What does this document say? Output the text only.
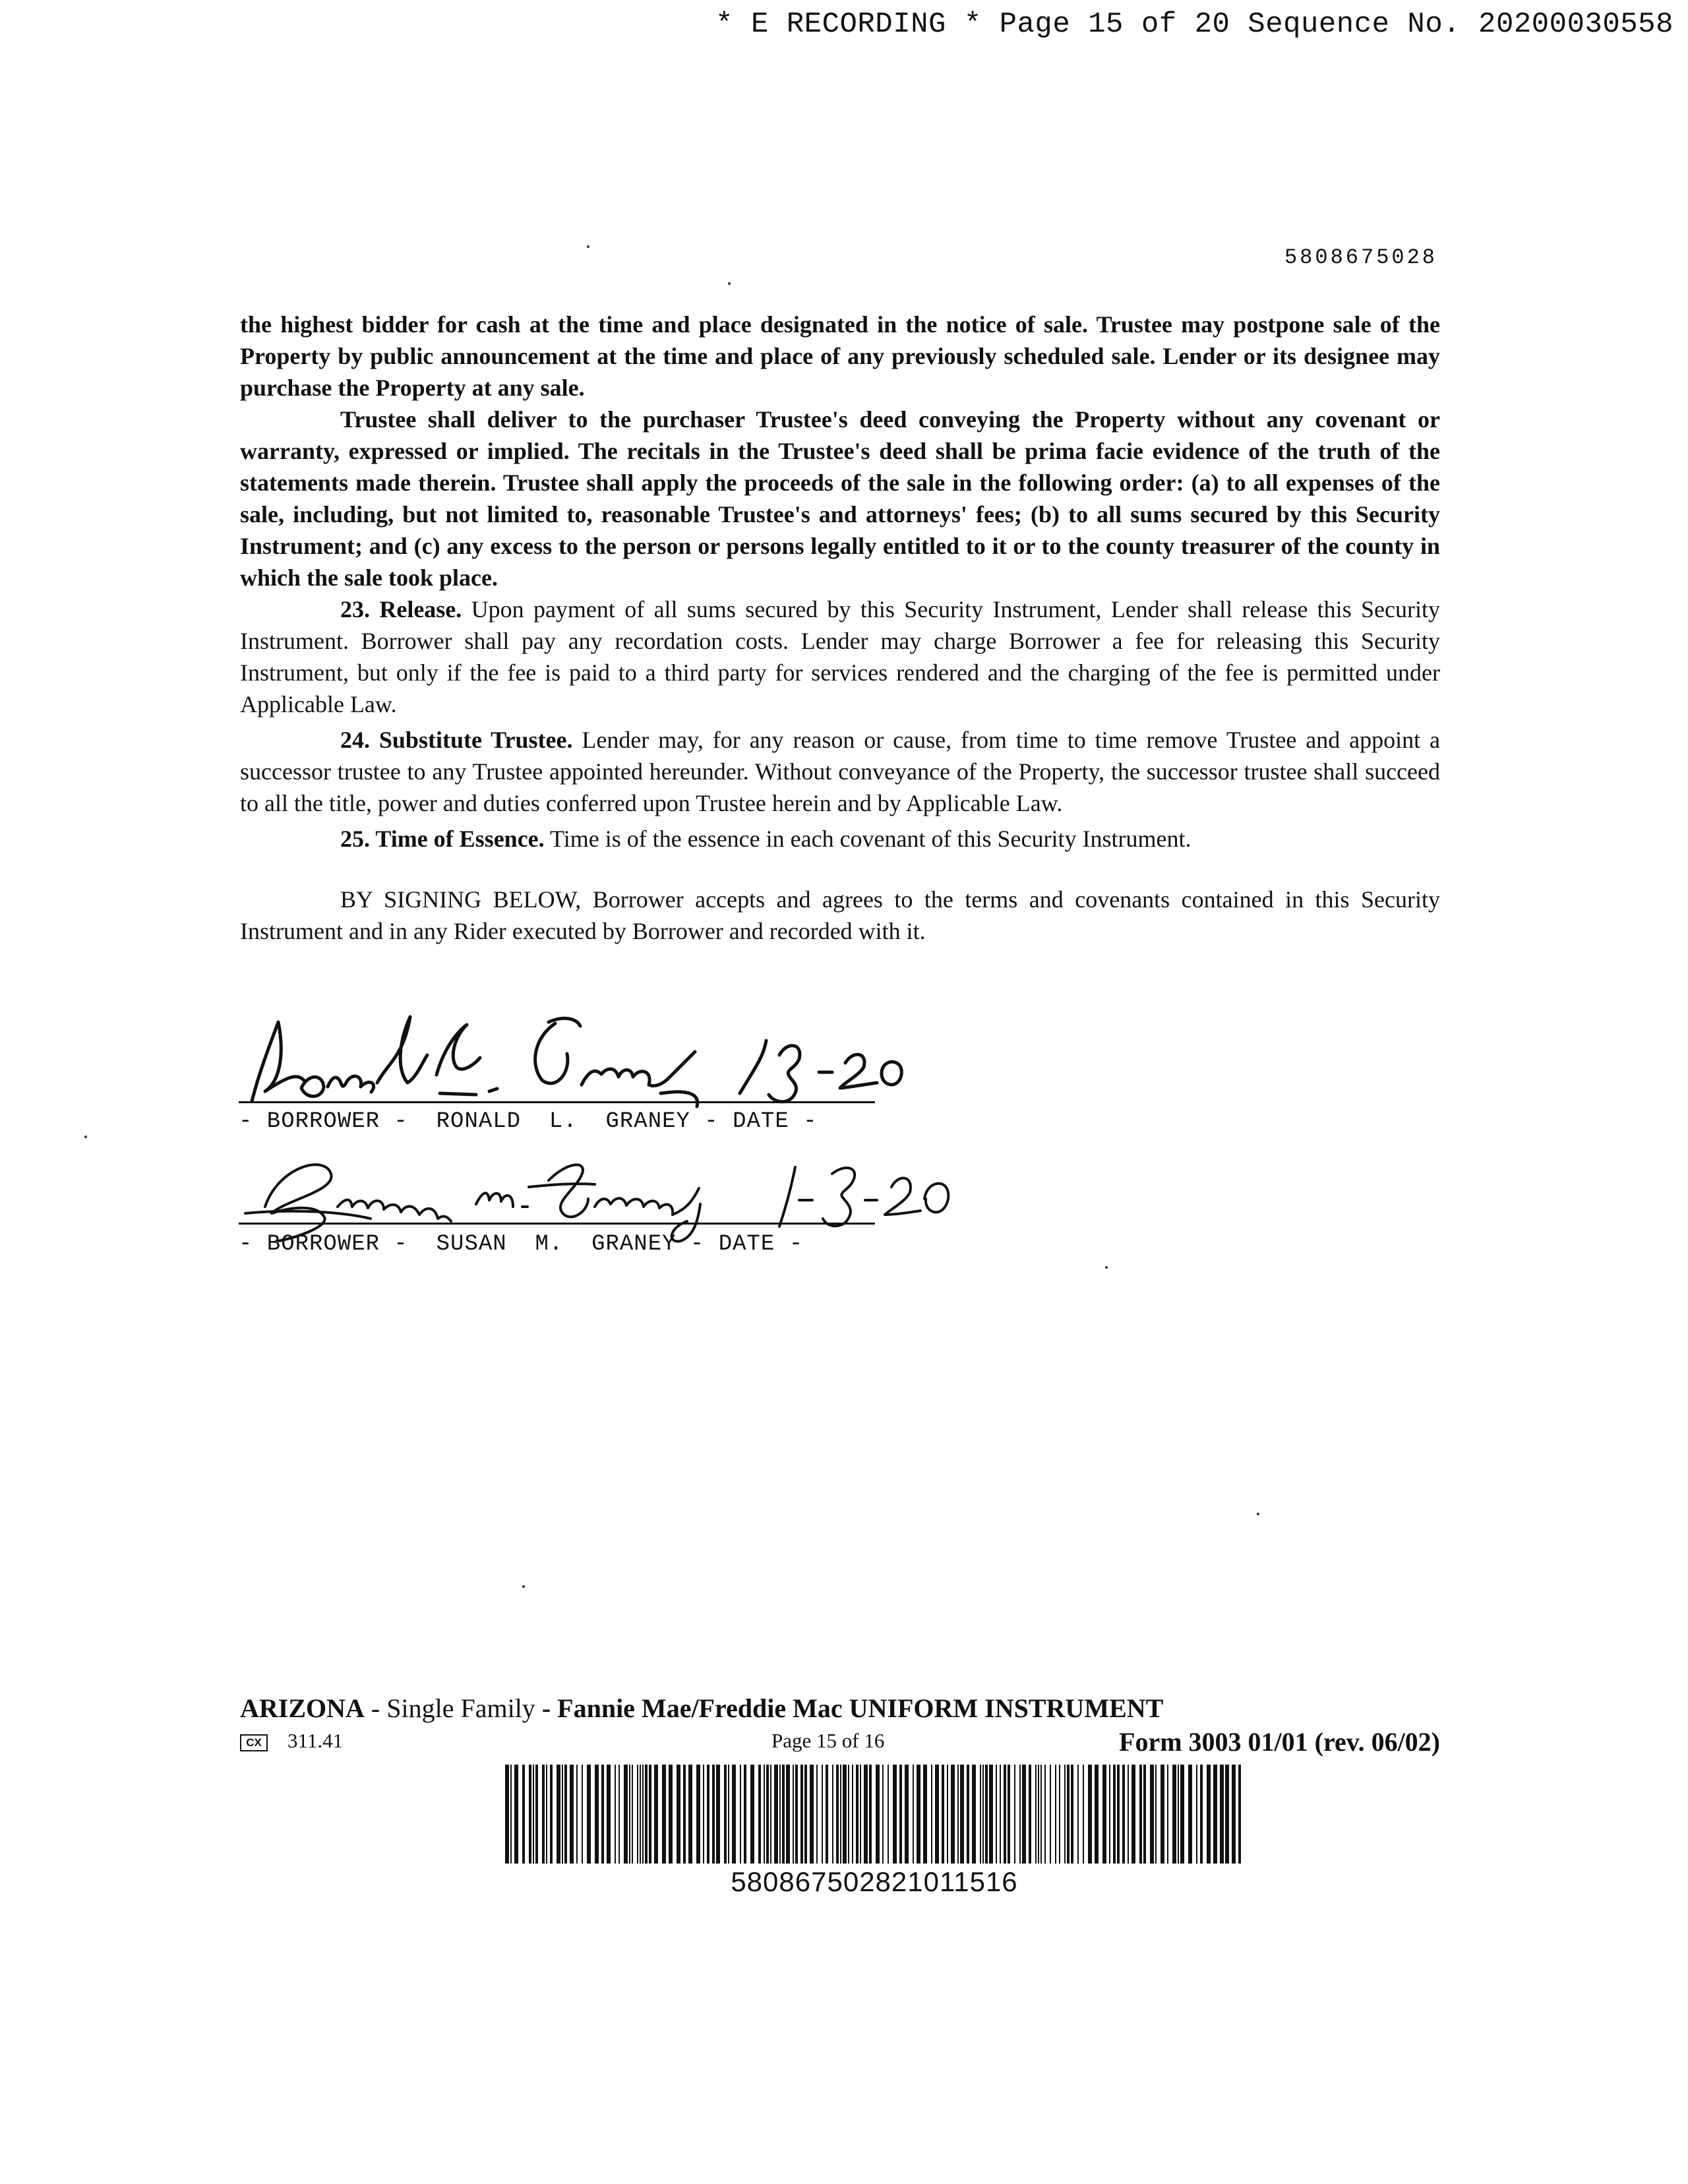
* E RECORDING * Page 15 of 20 Sequence No. 20200030558
5808675028

the highest bidder for cash at the time and place designated in the notice of sale. Trustee may postpone sale of the Property by public announcement at the time and place of any previously scheduled sale. Lender or its designee may purchase the Property at any sale.

Trustee shall deliver to the purchaser Trustee's deed conveying the Property without any covenant or warranty, expressed or implied. The recitals in the Trustee's deed shall be prima facie evidence of the truth of the statements made therein. Trustee shall apply the proceeds of the sale in the following order: (a) to all expenses of the sale, including, but not limited to, reasonable Trustee's and attorneys' fees; (b) to all sums secured by this Security Instrument; and (c) any excess to the person or persons legally entitled to it or to the county treasurer of the county in which the sale took place.

23. Release. Upon payment of all sums secured by this Security Instrument, Lender shall release this Security Instrument. Borrower shall pay any recordation costs. Lender may charge Borrower a fee for releasing this Security Instrument, but only if the fee is paid to a third party for services rendered and the charging of the fee is permitted under Applicable Law.

24. Substitute Trustee. Lender may, for any reason or cause, from time to time remove Trustee and appoint a successor trustee to any Trustee appointed hereunder. Without conveyance of the Property, the successor trustee shall succeed to all the title, power and duties conferred upon Trustee herein and by Applicable Law.

25. Time of Essence. Time is of the essence in each covenant of this Security Instrument.

BY SIGNING BELOW, Borrower accepts and agrees to the terms and covenants contained in this Security Instrument and in any Rider executed by Borrower and recorded with it.

- BORROWER -  RONALD  L.  GRANEY - DATE -
- BORROWER -  SUSAN  M.  GRANEY - DATE -
ARIZONA - Single Family - Fannie Mae/Freddie Mac UNIFORM INSTRUMENT
CX 311.41	Page 15 of 16	Form 3003 01/01 (rev. 06/02)
580867502821011516
